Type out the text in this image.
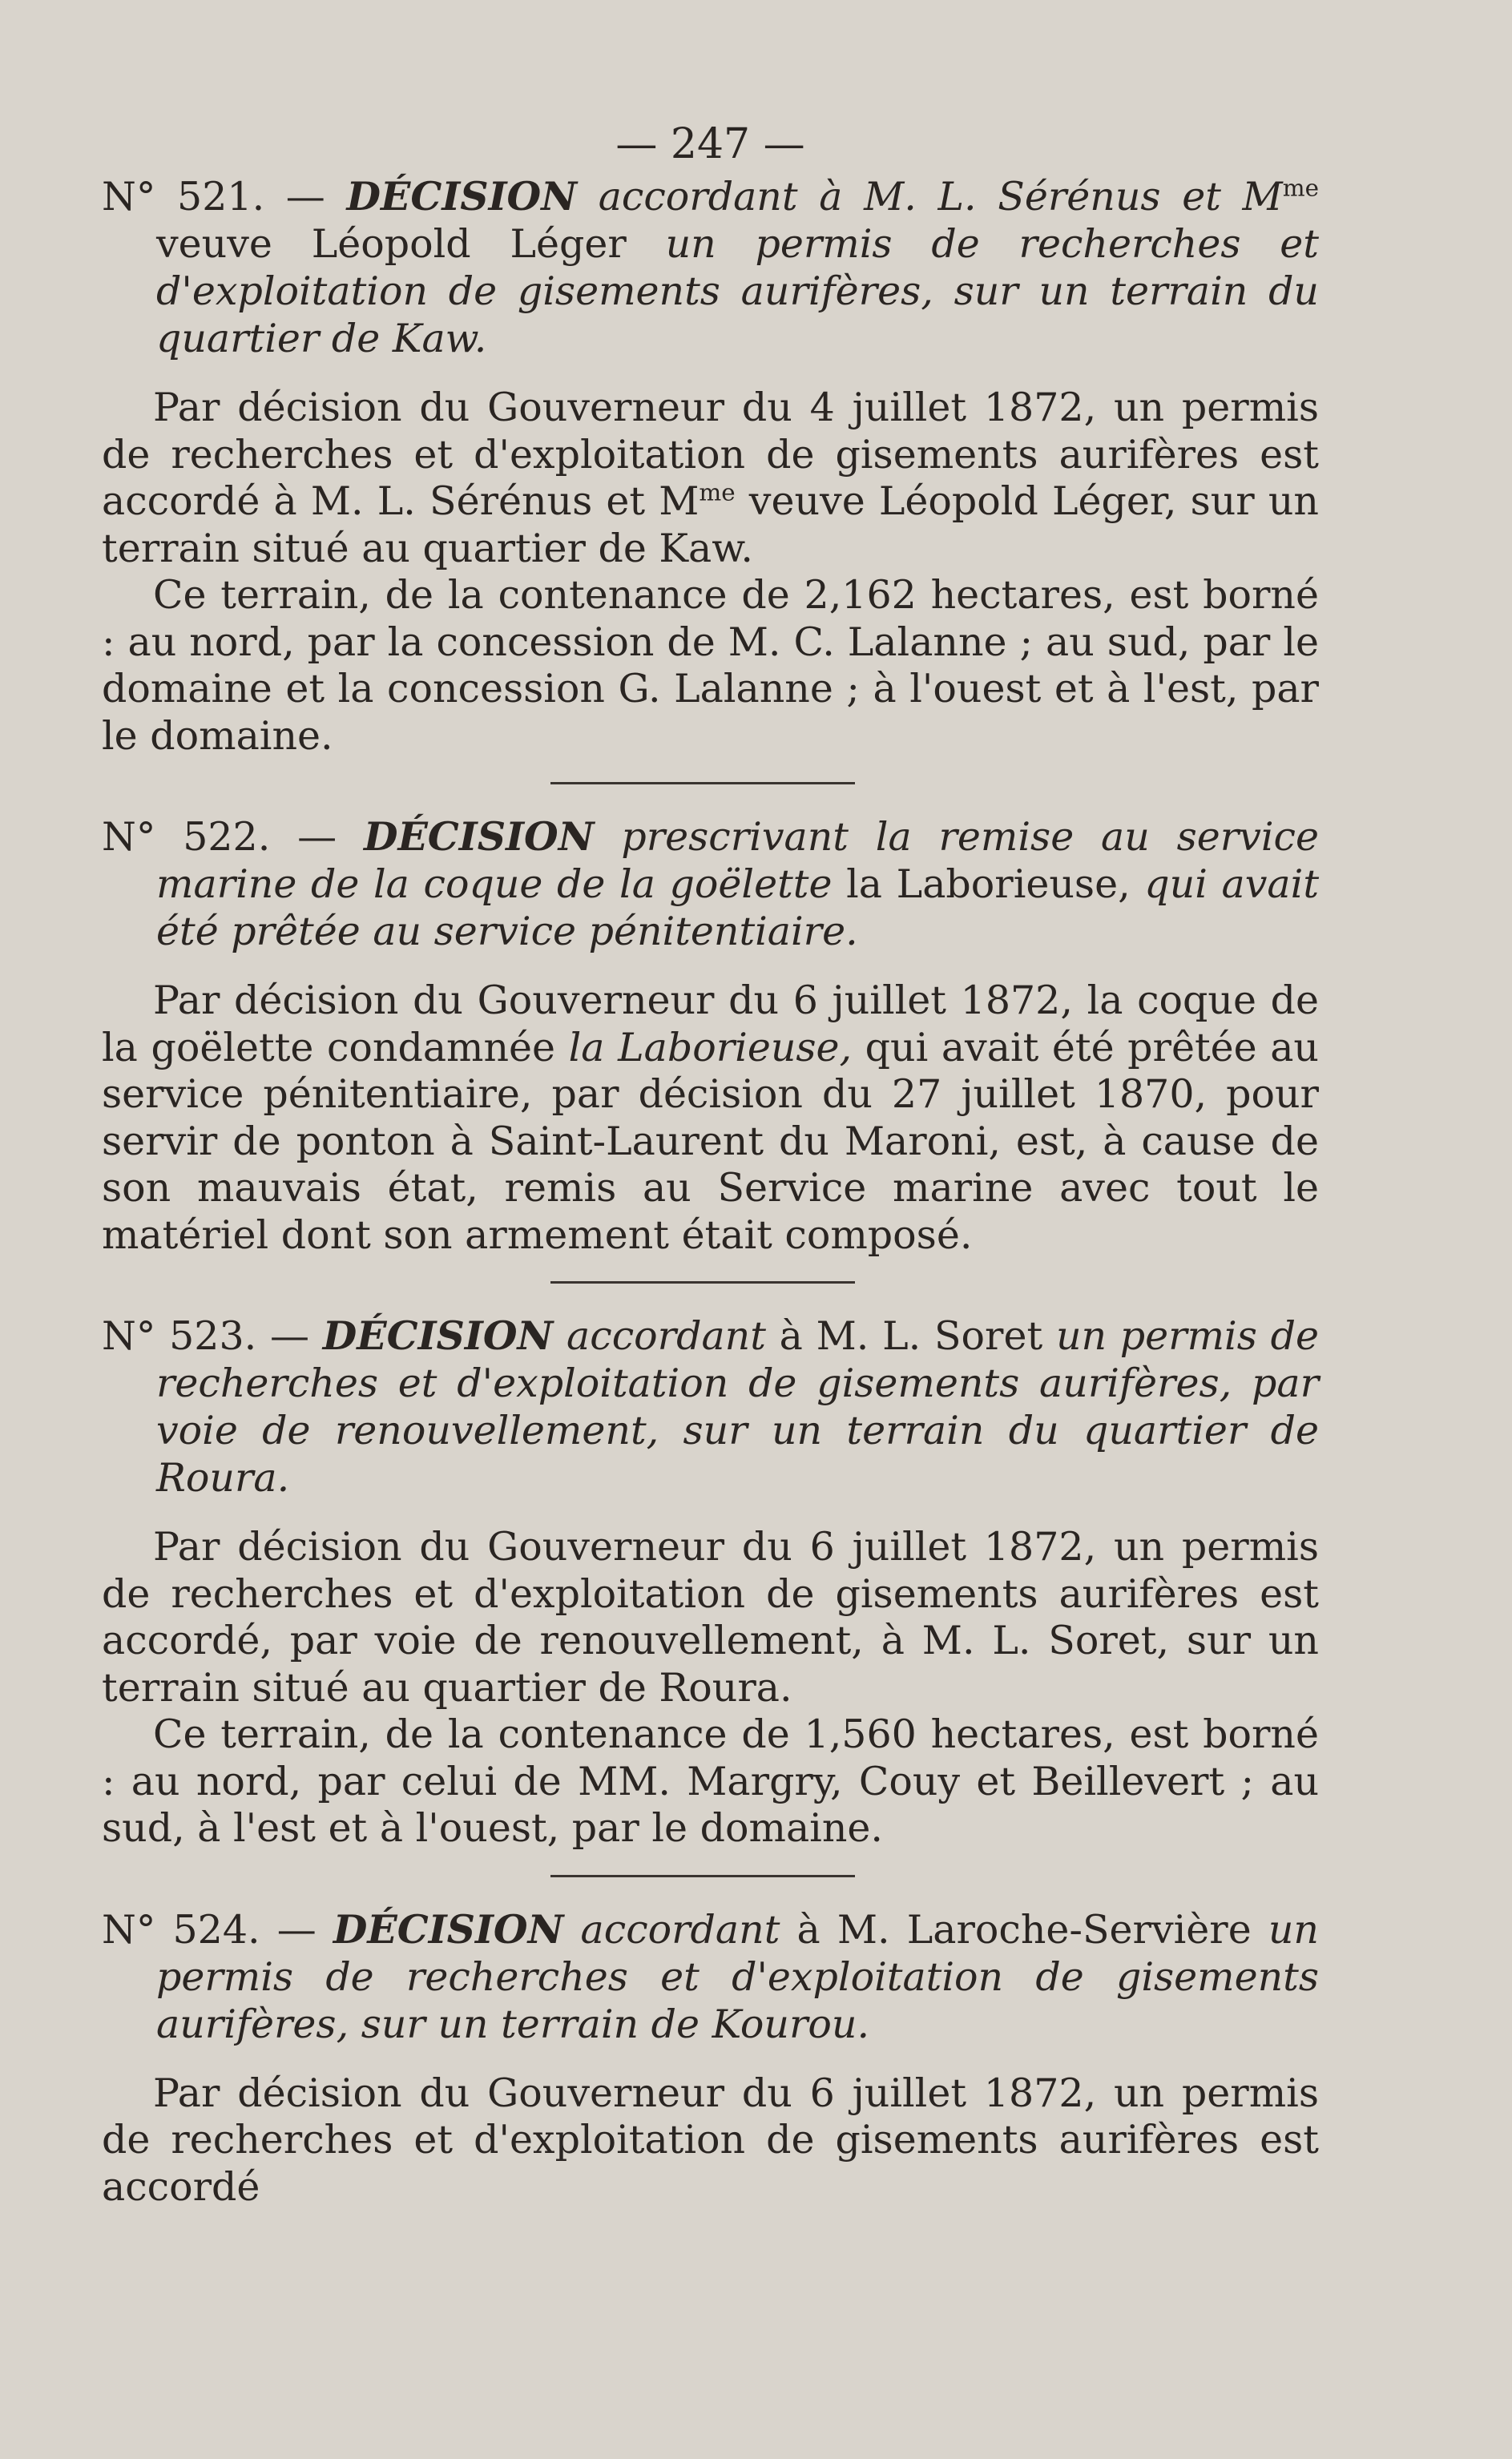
— 247 —

N° 521. — DÉCISION accordant à M. L. Sérénus et $M^{me}$ veuve Léopold Léger un permis de recherches et d'exploitation de gisements aurifères, sur un terrain du quartier de Kaw.

Par décision du Gouverneur du 4 juillet 1872, un permis de recherches et d'exploitation de gisements aurifères est accordé à M. L. Sérénus et $M^{me}$ veuve Léopold Léger, sur un terrain situé au quartier de Kaw.

Ce terrain, de la contenance de 2,162 hectares, est borné : au nord, par la concession de M. C. Lalanne ; au sud, par le domaine et la concession G. Lalanne ; à l'ouest et à l'est, par le domaine.

N° 522. — DÉCISION prescrivant la remise au service marine de la coque de la goëlette la Laborieuse, qui avait été prêtée au service pénitentiaire.

Par décision du Gouverneur du 6 juillet 1872, la coque de la goëlette condamnée la Laborieuse, qui avait été prêtée au service pénitentiaire, par décision du 27 juillet 1870, pour servir de ponton à Saint-Laurent du Maroni, est, à cause de son mauvais état, remis au Service marine avec tout le matériel dont son armement était composé.

N° 523. — DÉCISION accordant à M. L. Soret un permis de recherches et d'exploitation de gisements aurifères, par voie de renouvellement, sur un terrain du quartier de Roura.

Par décision du Gouverneur du 6 juillet 1872, un permis de recherches et d'exploitation de gisements aurifères est accordé, par voie de renouvellement, à M. L. Soret, sur un terrain situé au quartier de Roura.

Ce terrain, de la contenance de 1,560 hectares, est borné : au nord, par celui de MM. Margry, Couy et Beillevert ; au sud, à l'est et à l'ouest, par le domaine.

N° 524. — DÉCISION accordant à M. Laroche-Servière un permis de recherches et d'exploitation de gisements aurifères, sur un terrain de Kourou.

Par décision du Gouverneur du 6 juillet 1872, un permis de recherches et d'exploitation de gisements aurifères est accordé
